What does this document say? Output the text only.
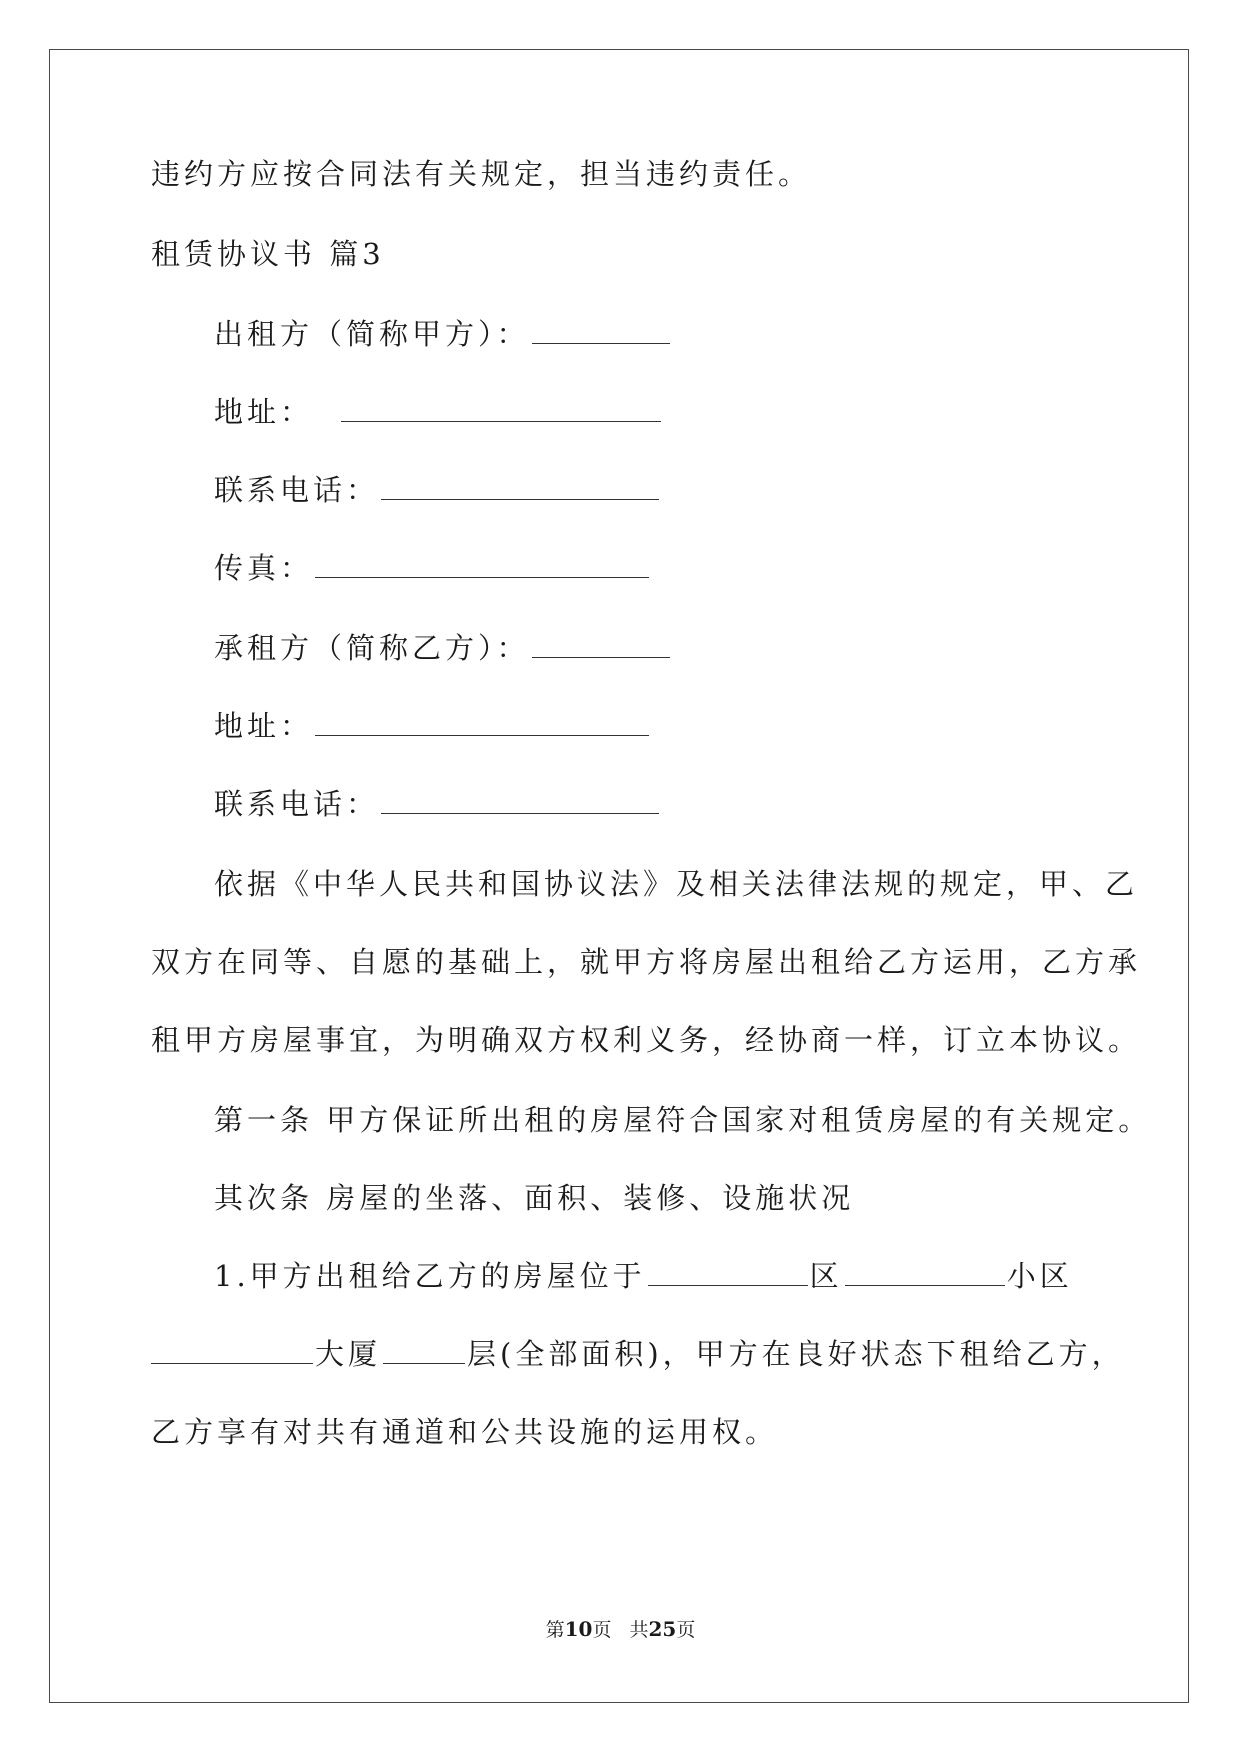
违约方应按合同法有关规定，担当违约责任。
租赁协议书 篇3
出租方（简称甲方）：
地址：
联系电话：
传真：
承租方（简称乙方）：
地址：
联系电话：
依据《中华人民共和国协议法》及相关法律法规的规定，甲、乙
双方在同等、自愿的基础上，就甲方将房屋出租给乙方运用，乙方承
租甲方房屋事宜，为明确双方权利义务，经协商一样，订立本协议。
第一条 甲方保证所出租的房屋符合国家对租赁房屋的有关规定。
其次条 房屋的坐落、面积、装修、设施状况
1.甲方出租给乙方的房屋位于	区	小区
大厦	层(全部面积)，甲方在良好状态下租给乙方，
乙方享有对共有通道和公共设施的运用权。
第10页 共25页
